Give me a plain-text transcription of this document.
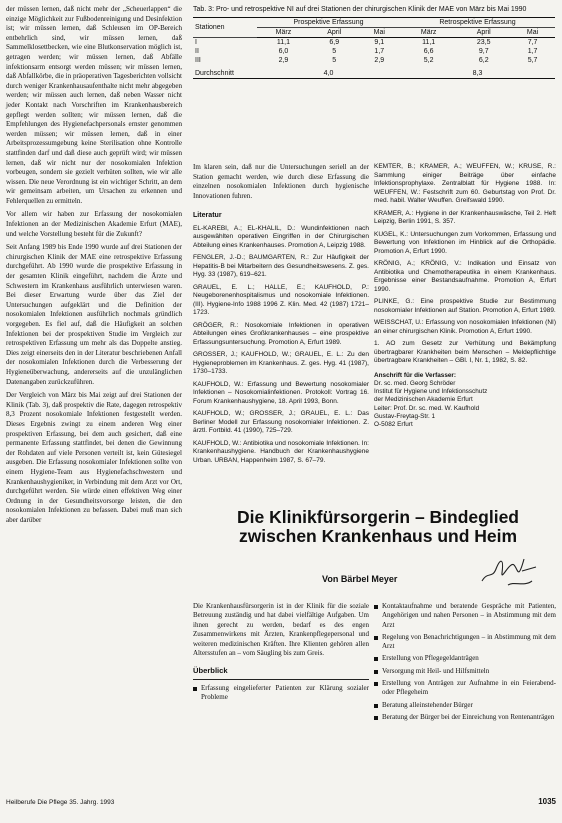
der müssen lernen, daß nicht mehr der „Scheuerlappen“ die einzige Möglichkeit zur Fußbodenreinigung und Desinfektion ist; wir müssen lernen, daß Schleusen im OP-Bereich entbehrlich sind, wir müssen lernen, daß Sammelklosettbecken, wie eine Blutkonservation möglich ist, getragen werden; wir müssen lernen, daß Abfälle infektionsarm entsorgt werden müssen; wir müssen lernen, daß Abfallkörbe, die in präoperativen Tagesberichten vollsicht durch weniger Krankenhausaufenthalte nicht mehr abgegeben werden; wir müssen auch lernen, daß neben Wasser nicht jeder Kontakt nach Vorschriften im Krankenhausbereich gepflegt werden sollten; wir müssen lernen, daß die Empfehlungen des Hygienefachpersonals ernster genommen werden müssen; wir müssen lernen, daß in einer Arbeitsprozessumgebung keine Sterilisation ohne Kontrolle stattfinden darf und daß diese auch geprüft wird; wir müssen lernen, daß wir nicht nur der nosokomialen Infektion vorbeugen, sondern sie gezielt verhüten sollten, wie wir alle wissen. Die neue Verordnung ist ein wichtiger Schritt, an dem wir gemeinsam arbeiten, um Ursachen zu erkennen und Fehlerquellen zu ermitteln.

Vor allem wir haben zur Erfassung der nosokomialen Infektionen an der Medizinischen Akademie Erfurt (MAE), und welche Vorstellung besteht für die Zukunft?

Seit Anfang 1989 bis Ende 1990 wurde auf drei Stationen der chirurgischen Klinik der MAE eine retrospektive Erfassung durchgeführt. Ab 1990 wurde die prospektive Erfassung in der gesamten Klinik eingeführt, nachdem die Ärzte und Schwestern im Krankenhaus ausführlich unterwiesen waren. Bei dieser Erwartung wurde über das Ziel der Untersuchungen aufgeklärt und die Definition der nosokomialen Infektionen ausführlich nochmals gründlich vorgegeben. Es fiel auf, daß die Häufigkeit an solchen Infektionen bei der prospektiven Studie im Vergleich zur retrospektiven Erfassung um mehr als das Doppelte anstieg. Dies zeigt einerseits den in der Literatur beschriebenen Anfall der nosokomialen Infektionen durch die Verbesserung der Hygieneüberwachung, andererseits auf die unzulänglichen Datenangaben zurückzuführen.

Der Vergleich von März bis Mai zeigt auf drei Stationen der Klinik (Tab. 3), daß prospektiv die Rate, dagegen retrospektiv 8,3 Prozent nosokomiale Infektionen festgestellt werden. Dieses Ergebnis zwingt zu einem anderen Weg einer prospektiven Erfassung, bei dem auch gesichert, daß eine permanente Erfassung stattfindet, bei denen die Gewinnung der Rohdaten auf viele Personen verteilt ist, kein Gütesiegel ausgeben. Die Erfassung nosokomialer Infektionen sollte von einem Hygiene-Team aus Hygienefachschwestern und Krankenhaushygieniker, in Verbindung mit dem Arzt vor Ort, durchgeführt werden. Sie würde einen effektiven Weg einer Ordnung in der Gesundheitsvorsorge leisten, die den nosokomialen Infektionen zu befassen. Dabei muß man sich aber darüber

Tab. 3: Pro- und retrospektive NI auf drei Stationen der chirurgischen Klinik der MAE von März bis Mai 1990
Stationen	Prospektive Erfassung			Retrospektive Erfassung		
	März	April	Mai	März	April	Mai
I	11,1	6,9	9,1	11,1	23,5	7,7
II	6,0	5	1,7	6,6	9,7	1,7
III	2,9	5	2,9	5,2	6,2	5,7
Durchschnitt	4,0			8,3		

Im klaren sein, daß nur die Untersuchungen seriell an der Station gemacht werden, wie durch diese Erfassung die einzelnen nosokomialen Infektionen durch hygienische Innovationen fuhren.

Literatur
EL-KAREBI, A.; EL-KHALIL, D.: Wundinfektionen nach ausgewählten operativen Eingriffen in der Chirurgischen Abteilung eines Krankenhauses. Promotion A, Leipzig 1988.
FENGLER, J.-D.; BAUMGARTEN, R.: Zur Häufigkeit der Hepatitis-B bei Mitarbeitern des Gesundheitswesens. Z. ges. Hyg. 33 (1987), 619–621.
GRAUEL, E. L.; HALLE, E.; KAUFHOLD, P.: Neugeborenenhospitalismus und nosokomiale Infektionen. (III). Hygiene-Info 1988 1996 Z. Klin. Med. 42 (1987) 1721–1723.
GRÖGER, R.: Nosokomiale Infektionen in operativen Abteilungen eines Großkrankenhauses – eine prospektive Erfassungsuntersuchung. Promotion A, Erfurt 1989.
GROSSER, J.; KAUFHOLD, W.; GRAUEL, E. L.: Zu den Hygieneproblemen im Krankenhaus. Z. ges. Hyg. 41 (1987), 1730–1733.
KAUFHOLD, W.: Erfassung und Bewertung nosokomialer Infektionen – Nosokomialinfektionen. Protokoll: Vortrag 16. Forum Krankenhaushygiene, 18. April 1993, Bonn.
KAUFHOLD, W.; GROSSER, J.; GRAUEL, E. L.: Das Berliner Modell zur Erfassung nosokomialer Infektionen. Z. ärztl. Fortbild. 41 (1990), 725–729.
KAUFHOLD, W.: Antibiotika und nosokomiale Infektionen. In: Krankenhaushygiene. Handbuch der Krankenhaushygiene Urban. URBAN, Happenheim 1987, S. 67–79.
KEMTER, B.; KRAMER, A.; WEUFFEN, W.; KRUSE, R.: Sammlung einiger Beiträge über einfache Infektionsprophylaxe. Zentralblatt für Hygiene 1988. In: WEUFFEN, W.: Festschrift zum 60. Geburtstag von Prof. Dr. med. habil. Walter Weuffen. Greifswald 1990.
KRAMER, A.: Hygiene in der Krankenhauswäsche, Teil 2. Heft Leipzig, Berlin 1991, S. 357.
KUGEL, K.: Untersuchungen zum Vorkommen, Erfassung und Bewertung von Infektionen im Hinblick auf die Orthopädie. Promotion A, Erfurt 1990.
KRÖNIG, A.; KRÖNIG, V.: Indikation und Einsatz von Antibiotika und Chemotherapeutika in einem Krankenhaus. Ergebnisse einer Bestandsaufnahme. Promotion A, Erfurt 1990.
PLINKE, G.: Eine prospektive Studie zur Bestimmung nosokomialer Infektionen auf Station. Promotion A, Erfurt 1989.
WEISSCHAT, U.: Erfassung von nosokomialen Infektionen (NI) an einer chirurgischen Klinik. Promotion A, Erfurt 1990.
1. AO zum Gesetz zur Verhütung und Bekämpfung übertragbarer Krankheiten beim Menschen – Meldepflichtige übertragbare Krankheiten – GBl. I, Nr. 1, 1982, S. 82.
Anschrift für die Verfasser:
Dr. sc. med. Georg Schröder
Institut für Hygiene und Infektionsschutz
der Medizinischen Akademie Erfurt
Leiter: Prof. Dr. sc. med. W. Kaufhold
Gustav-Freytag-Str. 1
O-5082 Erfurt
Die Klinikfürsorgerin – Bindeglied zwischen Krankenhaus und Heim
Von Bärbel Meyer

Die Krankenhausfürsorgerin ist in der Klinik für die soziale Betreuung zuständig und hat dabei vielfältige Aufgaben. Um ihnen gerecht zu werden, bedarf es des engen Zusammenwirkens mit Ärzten, Krankenpflegepersonal und weiteren medizinischen Kräften. Ihre Klienten gehören allen Altersstufen an – vom Säugling bis zum Greis.

Überblick
Erfassung eingelieferter Patienten zur Klärung sozialer Probleme
Kontaktaufnahme und beratende Gespräche mit Patienten, Angehörigen und nahen Personen – in Abstimmung mit dem Arzt
Regelung von Benachrichtigungen – in Abstimmung mit dem Arzt
Erstellung von Pflegegeldanträgen
Versorgung mit Heil- und Hilfsmitteln
Erstellung von Anträgen zur Aufnahme in ein Feierabend- oder Pflegeheim
Beratung alleinstehender Bürger
Beratung der Bürger bei der Einreichung von Rentenanträgen
Heilberufe Die Pflege 35. Jahrg. 1993	1035
